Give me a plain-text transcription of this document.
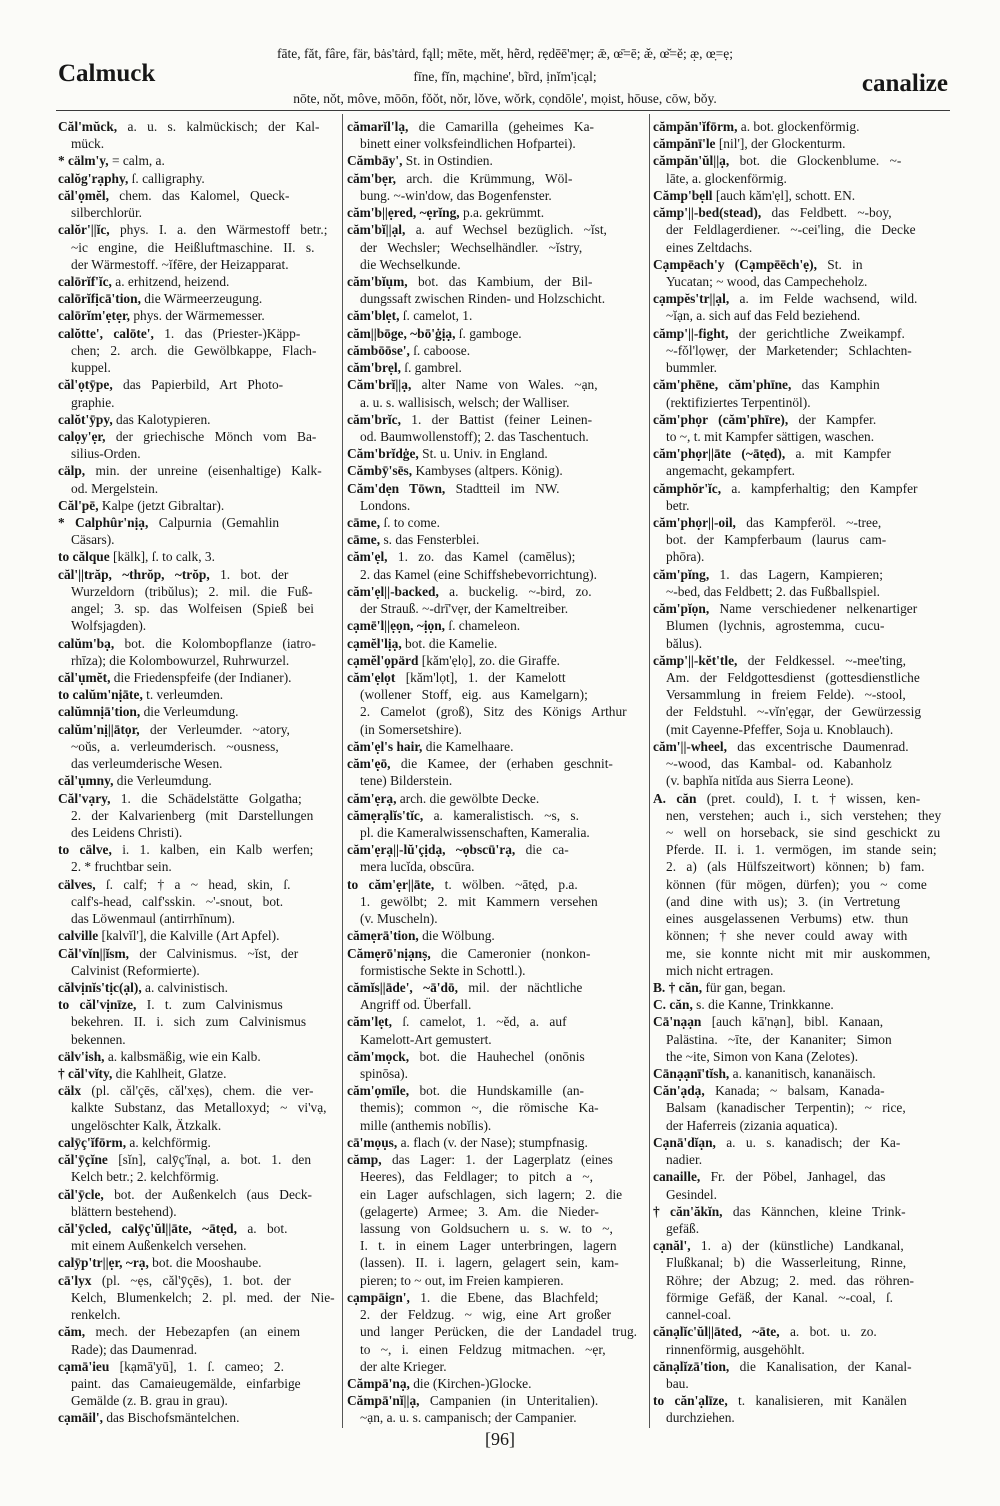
Calmuck
fāte, făt, fâre, fär, bȧs'tȧrd, fąll; mēte, mĕt, hẽrd, rẹdēē'mẹr; ǣ, œ̄=ē; æ̆, œ̆=ĕ; æ̣, œ̣=ẹ;
fīne, fĭn, mạchine', bĩrd, ịnĭm'ịcạl;
nōte, nŏt, môve, mōōn, fŏŏt, nŏr, lŏve, wŏrk, cọndōle', mọist, hōuse, cōw, bŏy.
canalize
Căl'mŭck, a. u. s. kalmückisch; der Kal-
mück.
* cälm'y, = calm, a.
calŏg'rạphy, ſ. calligraphy.
căl'ọmĕl, chem. das Kalomel, Queck-
silberchlorür.
calŏr'||ĭc, phys. I. a. den Wärmestoff betr.;
~ic engine, die Heißluftmaschine. II. s.
der Wärmestoff. ~ĭfēre, der Heizapparat.
calōrĭf'ĭc, a. erhitzend, heizend.
calōrĭfịcā'tion, die Wärmeerzeugung.
calōrĭm'ẹtẹr, phys. der Wärmemesser.
calŏtte', calōte', 1. das (Priester-)Käpp-
chen; 2. arch. die Gewölbkappe, Flach-
kuppel.
căl'ọtȳpe, das Papierbild, Art Photo-
graphie.
calŏt'ȳpy, das Kalotypieren.
calọy'ẹr, der griechische Mönch vom Ba-
silius-Orden.
cälp, min. der unreine (eisenhaltige) Kalk-
od. Mergelstein.
Căl'pē, Kalpe (jetzt Gibraltar).
* Calphûr'nịạ, Calpurnia (Gemahlin
Cäsars).
to călque [kälk], ſ. to calk, 3.
căl'||trăp, ~thrŏp, ~trŏp, 1. bot. der
Wurzeldorn (tribŭlus); 2. mil. die Fuß-
angel; 3. sp. das Wolfeisen (Spieß bei
Wolfsjagden).
calŭm'bạ, bot. die Kolombopflanze (iatro-
rhīza); die Kolombowurzel, Ruhrwurzel.
căl'ụmĕt, die Friedenspfeife (der Indianer).
to calŭm'nịāte, t. verleumden.
calŭmnịā'tion, die Verleumdung.
calŭm'nị||ātọr, der Verleumder. ~atory,
~oŭs, a. verleumderisch. ~ousness,
das verleumderische Wesen.
căl'ụmny, die Verleumdung.
Căl'vạry, 1. die Schädelstätte Golgatha;
2. der Kalvarienberg (mit Darstellungen
des Leidens Christi).
to cälve, i. 1. kalben, ein Kalb werfen;
2. * fruchtbar sein.
cälves, ſ. calf; † a ~ head, skin, ſ.
calf's-head, calf'sskin. ~'-snout, bot.
das Löwenmaul (antirrhīnum).
calville [kalvĭl'], die Kalville (Art Apfel).
Căl'vĭn||ĭsm, der Calvinismus. ~ĭst, der
Calvinist (Reformierte).
călvịnĭs'tịc(ạl), a. calvinistisch.
to căl'vịnīze, I. t. zum Calvinismus
bekehren. II. i. sich zum Calvinismus
bekennen.
cälv'ish, a. kalbsmäßig, wie ein Kalb.
† căl'vĭty, die Kahlheit, Glatze.
cälx (pl. căl'çēs, căl'xẹs), chem. die ver-
kalkte Substanz, das Metalloxyd; ~ vi'vạ,
ungelöschter Kalk, Ätzkalk.
calȳç'ĭfōrm, a. kelchförmig.
căl'ȳçĭne [sĭn], calȳç'ĭnạl, a. bot. 1. den
Kelch betr.; 2. kelchförmig.
căl'ȳcle, bot. der Außenkelch (aus Deck-
blättern bestehend).
căl'ȳcled, calȳç'ŭl||āte, ~ātẹd, a. bot.
mit einem Außenkelch versehen.
calȳp'tr||ẹr, ~rạ, bot. die Mooshaube.
cā'lyx (pl. ~ẹs, căl'ȳçēs), 1. bot. der
Kelch, Blumenkelch; 2. pl. med. der Nie-
renkelch.
căm, mech. der Hebezapfen (an einem
Rade); das Daumenrad.
cạmā'ieu [kạmā'yū], 1. ſ. cameo; 2.
paint. das Camaieugemälde, einfarbige
Gemälde (z. B. grau in grau).
cạmāil', das Bischofsmäntelchen.
cămarĭl'lạ, die Camarilla (geheimes Ka-
binett einer volksfeindlichen Hofpartei).
Cămbāy', St. in Ostindien.
căm'bẹr, arch. die Krümmung, Wöl-
bung. ~-win'dow, das Bogenfenster.
căm'b||ẹred, ~ẹrĭng, p.a. gekrümmt.
căm'bĭ||ạl, a. auf Wechsel bezüglich. ~ĭst,
der Wechsler; Wechselhändler. ~ĭstry,
die Wechselkunde.
căm'bĭụm, bot. das Kambium, der Bil-
dungssaft zwischen Rinden- und Holzschicht.
căm'blẹt, ſ. camelot, 1.
căm||bōge, ~bō'ġịạ, ſ. gamboge.
cămbōōse', ſ. caboose.
căm'brẹl, ſ. gambrel.
Căm'brĭ||ạ, alter Name von Wales. ~ạn,
a. u. s. wallisisch, welsch; der Walliser.
căm'brĭc, 1. der Battist (feiner Leinen-
od. Baumwollenstoff); 2. das Taschentuch.
Căm'brĭdġe, St. u. Univ. in England.
Cămbȳ'sēs, Kambyses (altpers. König).
Căm'dẹn Tōwn, Stadtteil im NW.
Londons.
cāme, ſ. to come.
cāme, s. das Fensterblei.
căm'ẹl, 1. zo. das Kamel (camēlus);
2. das Kamel (eine Schiffshebevorrichtung).
căm'ẹl||-backed, a. buckelig. ~-bird, zo.
der Strauß. ~-drī'vẹr, der Kameltreiber.
cạmē'l||ẹọn, ~ịọn, ſ. chameleon.
cạmĕl'lịạ, bot. die Kamelie.
cạmĕl'ọpärd [kăm'ẹlọ], zo. die Giraffe.
căm'ẹlọt [kăm'lọt], 1. der Kamelott
(wollener Stoff, eig. aus Kamelgarn);
2. Camelot (groß), Sitz des Königs Arthur
(in Somersetshire).
căm'ẹl's hair, die Kamelhaare.
căm'ẹō, die Kamee, der (erhaben geschnit-
tene) Bilderstein.
căm'ẹrạ, arch. die gewölbte Decke.
cămẹrạlĭs'tĭc, a. kameralistisch. ~s, s.
pl. die Kameralwissenschaften, Kameralia.
căm'ẹrạ||-lŭ'çịdạ, ~ọbscū'rạ, die ca-
mera lucĭda, obscūra.
to căm'ẹr||āte, t. wölben. ~ātẹd, p.a.
1. gewölbt; 2. mit Kammern versehen
(v. Muscheln).
cămẹrā'tion, die Wölbung.
Cămẹrō'nịạnṣ, die Cameronier (nonkon-
formistische Sekte in Schottl.).
cămĭs||āde', ~ā'dō, mil. der nächtliche
Angriff od. Überfall.
căm'lẹt, ſ. camelot, 1. ~ĕd, a. auf
Kamelott-Art gemustert.
căm'mọck, bot. die Hauhechel (onōnis
spinōsa).
căm'ọmīle, bot. die Hundskamille (an-
themis); common ~, die römische Ka-
mille (anthemis nobĭlis).
cā'mọụs, a. flach (v. der Nase); stumpfnasig.
cămp, das Lager: 1. der Lagerplatz (eines
Heeres), das Feldlager; to pitch a ~,
ein Lager aufschlagen, sich lagern; 2. die
(gelagerte) Armee; 3. Am. die Nieder-
lassung von Goldsuchern u. s. w. to ~,
I. t. in einem Lager unterbringen, lagern
(lassen). II. i. lagern, gelagert sein, kam-
pieren; to ~ out, im Freien kampieren.
cạmpāign', 1. die Ebene, das Blachfeld;
2. der Feldzug. ~ wig, eine Art großer
und langer Perücken, die der Landadel trug.
to ~, i. einen Feldzug mitmachen. ~ẹr,
der alte Krieger.
Cămpā'nạ, die (Kirchen-)Glocke.
Cămpā'nĭ||ạ, Campanien (in Unteritalien).
~ạn, a. u. s. campanisch; der Campanier.
cămpăn'ĭfōrm, a. bot. glockenförmig.
cămpănī'le [nil'], der Glockenturm.
cămpăn'ŭl||ạ, bot. die Glockenblume. ~-
lāte, a. glockenförmig.
Cămp'bẹll [auch kăm'ẹl], schott. EN.
cămp'||-bed(stead), das Feldbett. ~-boy,
der Feldlagerdiener. ~-cei'ling, die Decke
eines Zeltdachs.
Cạmpēach'y (Cạmpēēch'ẹ), St. in
Yucatan; ~ wood, das Campecheholz.
cạmpĕs'tr||ạl, a. im Felde wachsend, wild.
~ĭạn, a. sich auf das Feld beziehend.
cămp'||-fight, der gerichtliche Zweikampf.
~-fŏl'lọwẹr, der Marketender; Schlachten-
bummler.
căm'phēne, căm'phīne, das Kamphin
(rektifiziertes Terpentinöl).
căm'phọr (căm'phīre), der Kampfer.
to ~, t. mit Kampfer sättigen, waschen.
căm'phọr||āte (~ātẹd), a. mit Kampfer
angemacht, gekampfert.
cămphŏr'ĭc, a. kampferhaltig; den Kampfer
betr.
căm'phọr||-oil, das Kampferöl. ~-tree,
bot. der Kampferbaum (laurus cam-
phōra).
căm'pĭng, 1. das Lagern, Kampieren;
~-bed, das Feldbett; 2. das Fußballspiel.
căm'pĭọn, Name verschiedener nelkenartiger
Blumen (lychnis, agrostemma, cucu-
bălus).
cămp'||-kĕt'tle, der Feldkessel. ~-mee'ting,
Am. der Feldgottesdienst (gottesdienstliche
Versammlung in freiem Felde). ~-stool,
der Feldstuhl. ~-vĭn'ẹgạr, der Gewürzessig
(mit Cayenne-Pfeffer, Soja u. Knoblauch).
căm'||-wheel, das excentrische Daumenrad.
~-wood, das Kambal- od. Kabanholz
(v. baphĭa nitĭda aus Sierra Leone).
A. căn (pret. could), I. t. † wissen, ken-
nen, verstehen; auch i., sich verstehen; they
~ well on horseback, sie sind geschickt zu
Pferde. II. i. 1. vermögen, im stande sein;
2. a) (als Hülfszeitwort) können; b) fam.
können (für mögen, dürfen); you ~ come
(and dine with us); 3. (in Vertretung
eines ausgelassenen Verbums) etw. thun
können; † she never could away with
me, sie konnte nicht mit mir auskommen,
mich nicht ertragen.
B. † căn, für gan, began.
C. căn, s. die Kanne, Trinkkanne.
Cā'nạạn [auch kā'nạn], bibl. Kanaan,
Palästina. ~īte, der Kananiter; Simon
the ~ite, Simon von Kana (Zelotes).
Cānạạnī'tĭsh, a. kananitisch, kananäisch.
Căn'ạdạ, Kanada; ~ balsam, Kanada-
Balsam (kanadischer Terpentin); ~ rice,
der Haferreis (zizania aquatica).
Cạnā'dĭạn, a. u. s. kanadisch; der Ka-
nadier.
canaille, Fr. der Pöbel, Janhagel, das
Gesindel.
† căn'ăkĭn, das Kännchen, kleine Trink-
gefäß.
cạnăl', 1. a) der (künstliche) Landkanal,
Flußkanal; b) die Wasserleitung, Rinne,
Röhre; der Abzug; 2. med. das röhren-
förmige Gefäß, der Kanal. ~-coal, ſ.
cannel-coal.
cănạlĭc'ŭl||āted, ~āte, a. bot. u. zo.
rinnenförmig, ausgehöhlt.
cănạlĭzā'tion, die Kanalisation, der Kanal-
bau.
to căn'ạlīze, t. kanalisieren, mit Kanälen
durchziehen.
[96]
